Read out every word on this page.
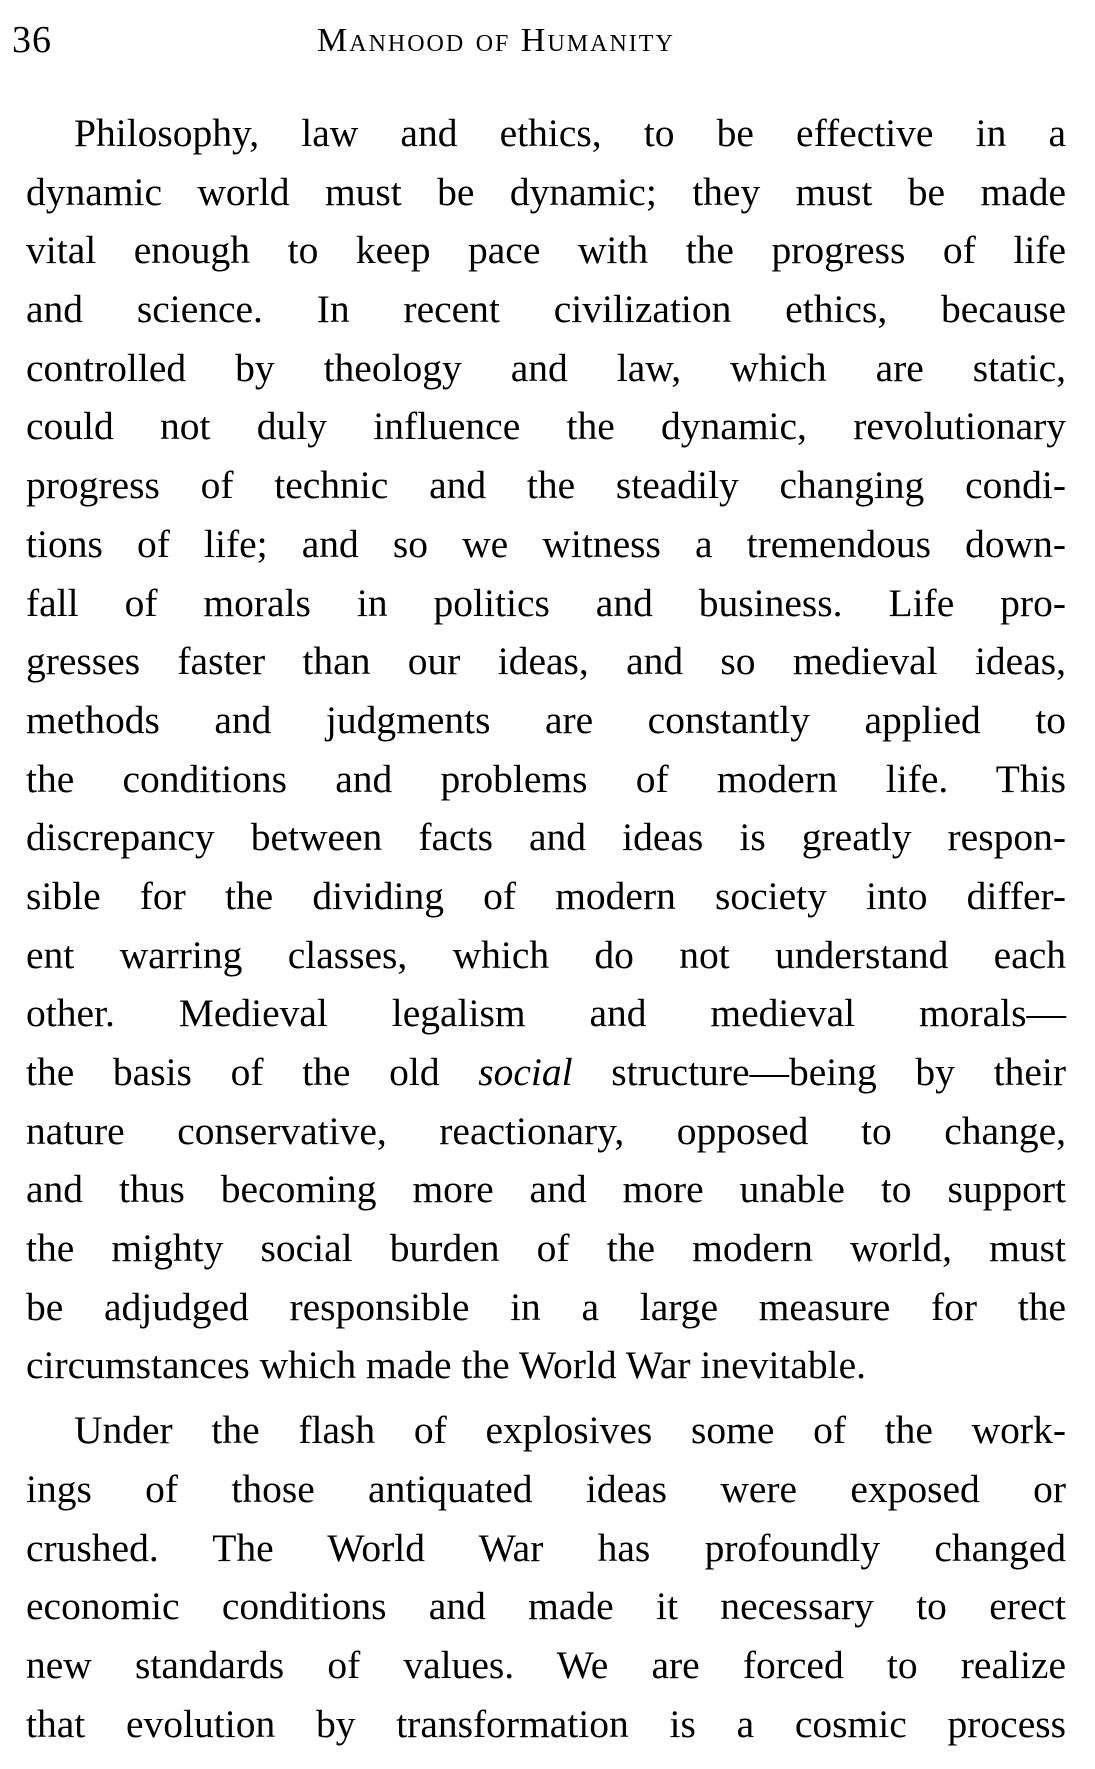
36	Manhood of Humanity
Philosophy, law and ethics, to be effective in a
dynamic world must be dynamic; they must be made
vital enough to keep pace with the progress of life
and science. In recent civilization ethics, because
controlled by theology and law, which are static,
could not duly influence the dynamic, revolutionary
progress of technic and the steadily changing condi-
tions of life; and so we witness a tremendous down-
fall of morals in politics and business. Life pro-
gresses faster than our ideas, and so medieval ideas,
methods and judgments are constantly applied to
the conditions and problems of modern life. This
discrepancy between facts and ideas is greatly respon-
sible for the dividing of modern society into differ-
ent warring classes, which do not understand each
other. Medieval legalism and medieval morals—
the basis of the old social structure—being by their
nature conservative, reactionary, opposed to change,
and thus becoming more and more unable to support
the mighty social burden of the modern world, must
be adjudged responsible in a large measure for the
circumstances which made the World War inevitable.
Under the flash of explosives some of the work-
ings of those antiquated ideas were exposed or
crushed. The World War has profoundly changed
economic conditions and made it necessary to erect
new standards of values. We are forced to realize
that evolution by transformation is a cosmic process
